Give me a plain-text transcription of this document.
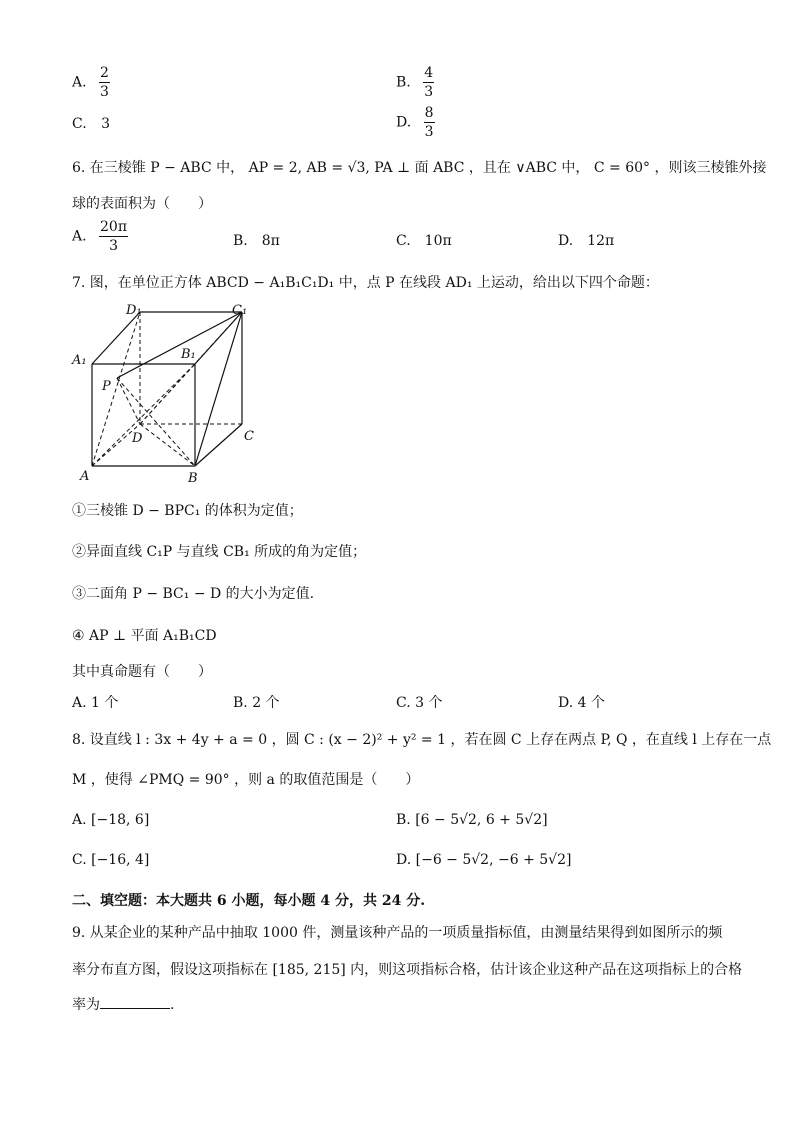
A. $\frac{2}{3}$	B. $\frac{4}{3}$
C. 3	D. $\frac{8}{3}$
6. 在三棱锥 P − ABC 中， AP = 2, AB = √3, PA ⊥ 面 ABC ，且在 ∨ABC 中， C = 60° ，则该三棱锥外接
球的表面积为（　　）
A. $\frac{20\pi}{3}$	B.　8π	C.　10π	D.　12π
7. 图，在单位正方体 ABCD − A₁B₁C₁D₁ 中，点 P 在线段 AD₁ 上运动，给出以下四个命题：
D₁	C₁
A₁	B₁
P
D	C
A	B
①三棱锥 D − BPC₁ 的体积为定值；
②异面直线 C₁P 与直线 CB₁ 所成的角为定值；
③二面角 P − BC₁ − D 的大小为定值.
④ AP ⊥ 平面 A₁B₁CD
其中真命题有（　　）
A. 1 个	B. 2 个	C. 3 个	D. 4 个
8. 设直线 l : 3x + 4y + a = 0 ，圆 C : (x − 2)² + y² = 1 ，若在圆 C 上存在两点 P, Q ，在直线 l 上存在一点
M ，使得 ∠PMQ = 90° ，则 a 的取值范围是（　　）
A. [−18, 6]	B. [6 − 5√2, 6 + 5√2]
C. [−16, 4]	D. [−6 − 5√2, −6 + 5√2]
二、填空题：本大题共 6 小题，每小题 4 分，共 24 分.
9. 从某企业的某种产品中抽取 1000 件，测量该种产品的一项质量指标值，由测量结果得到如图所示的频
率分布直方图，假设这项指标在 [185, 215] 内，则这项指标合格，估计该企业这种产品在这项指标上的合格
率为	.
